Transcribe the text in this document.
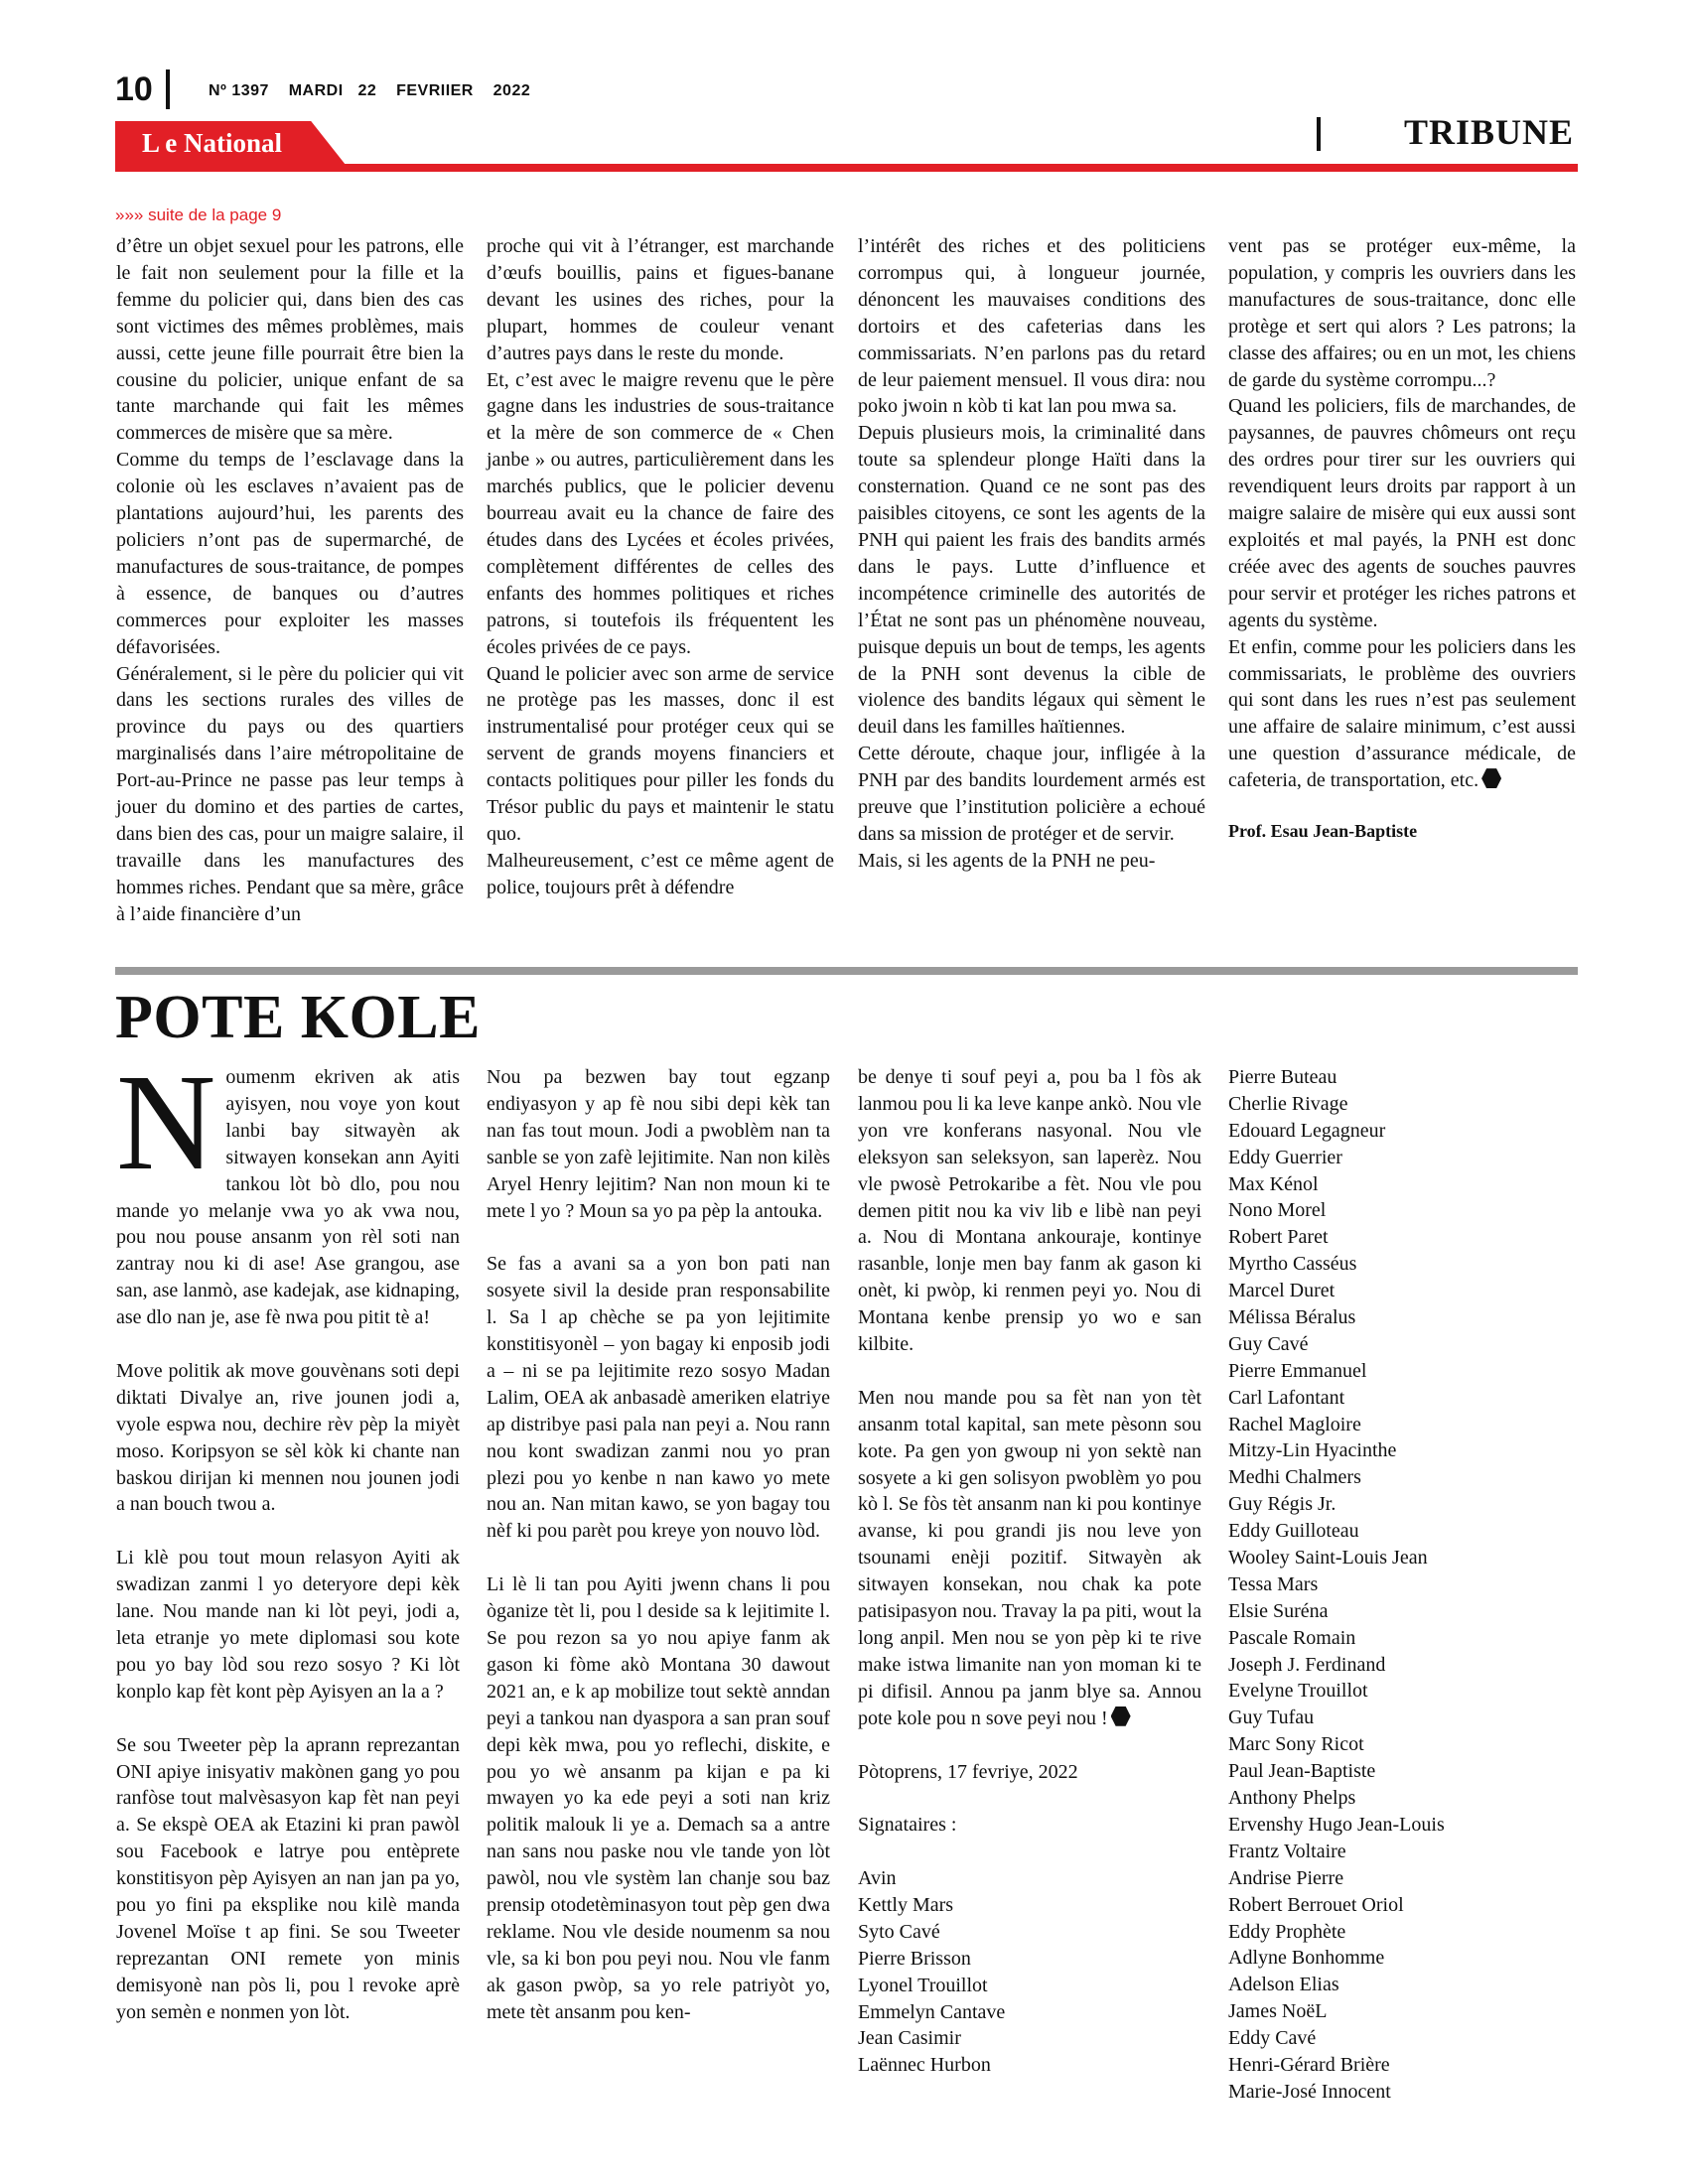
10	Nº 1397    MARDI   22    FEVRIIER    2022
L e National	TRIBUNE
»»» suite de la page 9

d’être un objet sexuel pour les patrons, elle le fait non seulement pour la fille et la femme du policier qui, dans bien des cas sont victimes des mêmes problèmes, mais aussi, cette jeune fille pourrait être bien la cousine du policier, unique enfant de sa tante marchande qui fait les mêmes commerces de misère que sa mère.

Comme du temps de l’esclavage dans la colonie où les esclaves n’avaient pas de plantations aujourd’hui, les parents des policiers n’ont pas de supermarché, de manufactures de sous-traitance, de pompes à essence, de banques ou d’autres commerces pour exploiter les masses défavorisées.

Généralement, si le père du policier qui vit dans les sections rurales des villes de province du pays ou des quartiers marginalisés dans l’aire métropolitaine de Port-au-Prince ne passe pas leur temps à jouer du domino et des parties de cartes, dans bien des cas, pour un maigre salaire, il travaille dans les manufactures des hommes riches. Pendant que sa mère, grâce à l’aide financière d’un

proche qui vit à l’étranger, est marchande d’œufs bouillis, pains et figues-banane devant les usines des riches, pour la plupart, hommes de couleur venant d’autres pays dans le reste du monde.

Et, c’est avec le maigre revenu que le père gagne dans les industries de sous-traitance et la mère de son commerce de « Chen janbe » ou autres, particulièrement dans les marchés publics, que le policier devenu bourreau avait eu la chance de faire des études dans des Lycées et écoles privées, complètement différentes de celles des enfants des hommes politiques et riches patrons, si toutefois ils fréquentent les écoles privées de ce pays.

Quand le policier avec son arme de service ne protège pas les masses, donc il est instrumentalisé pour protéger ceux qui se servent de grands moyens financiers et contacts politiques pour piller les fonds du Trésor public du pays et maintenir le statu quo.

Malheureusement, c’est ce même agent de police, toujours prêt à défendre

l’intérêt des riches et des politiciens corrompus qui, à longueur journée, dénoncent les mauvaises conditions des dortoirs et des cafeterias dans les commissariats. N’en parlons pas du retard de leur paiement mensuel. Il vous dira: nou poko jwoin n kòb ti kat lan pou mwa sa.

Depuis plusieurs mois, la criminalité dans toute sa splendeur plonge Haïti dans la consternation. Quand ce ne sont pas des paisibles citoyens, ce sont les agents de la PNH qui paient les frais des bandits armés dans le pays. Lutte d’influence et incompétence criminelle des autorités de l’État ne sont pas un phénomène nouveau, puisque depuis un bout de temps, les agents de la PNH sont devenus la cible de violence des bandits légaux qui sèment le deuil dans les familles haïtiennes.

Cette déroute, chaque jour, infligée à la PNH par des bandits lourdement armés est preuve que l’institution policière a echoué dans sa mission de protéger et de servir.

Mais, si les agents de la PNH ne peu-

vent pas se protéger eux-même, la population, y compris les ouvriers dans les manufactures de sous-traitance, donc elle protège et sert qui alors ? Les patrons; la classe des affaires; ou en un mot, les chiens de garde du système corrompu...?

Quand les policiers, fils de marchandes, de paysannes, de pauvres chômeurs ont reçu des ordres pour tirer sur les ouvriers qui revendiquent leurs droits par rapport à un maigre salaire de misère qui eux aussi sont exploités et mal payés, la PNH est donc créée avec des agents de souches pauvres pour servir et protéger les riches patrons et agents du système.

Et enfin, comme pour les policiers dans les commissariats, le problème des ouvriers qui sont dans les rues n’est pas seulement une affaire de salaire minimum, c’est aussi une question d’assurance médicale, de cafeteria, de transportation, etc.

Prof. Esau Jean-Baptiste

POTE KOLE

Noumenm ekriven ak atis ayisyen, nou voye yon kout lanbi bay sitwayèn ak sitwayen konsekan ann Ayiti tankou lòt bò dlo, pou nou mande yo melanje vwa yo ak vwa nou, pou nou pouse ansanm yon rèl soti nan zantray nou ki di ase! Ase grangou, ase san, ase lanmò, ase kadejak, ase kidnaping, ase dlo nan je, ase fè nwa pou pitit tè a!

Move politik ak move gouvènans soti depi diktati Divalye an, rive jounen jodi a, vyole espwa nou, dechire rèv pèp la miyèt moso. Koripsyon se sèl kòk ki chante nan baskou dirijan ki mennen nou jounen jodi a nan bouch twou a.

Li klè pou tout moun relasyon Ayiti ak swadizan zanmi l yo deteryore depi kèk lane. Nou mande nan ki lòt peyi, jodi a, leta etranje yo mete diplomasi sou kote pou yo bay lòd sou rezo sosyo ? Ki lòt konplo kap fèt kont pèp Ayisyen an la a ?

Se sou Tweeter pèp la aprann reprezantan ONI apiye inisyativ makònen gang yo pou ranfòse tout malvèsasyon kap fèt nan peyi a. Se ekspè OEA ak Etazini ki pran pawòl sou Facebook e latrye pou entèprete konstitisyon pèp Ayisyen an nan jan pa yo, pou yo fini pa eksplike nou kilè manda Jovenel Moïse t ap fini. Se sou Tweeter reprezantan ONI remete yon minis demisyonè nan pòs li, pou l revoke aprè yon semèn e nonmen yon lòt.

Nou pa bezwen bay tout egzanp endiyasyon y ap fè nou sibi depi kèk tan nan fas tout moun. Jodi a pwoblèm nan ta sanble se yon zafè lejitimite. Nan non kilès Aryel Henry lejitim? Nan non moun ki te mete l yo ? Moun sa yo pa pèp la antouka.

Se fas a avani sa a yon bon pati nan sosyete sivil la deside pran responsabilite l. Sa l ap chèche se pa yon lejitimite konstitisyonèl – yon bagay ki enposib jodi a – ni se pa lejitimite rezo sosyo Madan Lalim, OEA ak anbasadè ameriken elatriye ap distribye pasi pala nan peyi a. Nou rann nou kont swadizan zanmi nou yo pran plezi pou yo kenbe n nan kawo yo mete nou an. Nan mitan kawo, se yon bagay tou nèf ki pou parèt pou kreye yon nouvo lòd.

Li lè li tan pou Ayiti jwenn chans li pou òganize tèt li, pou l deside sa k lejitimite l. Se pou rezon sa yo nou apiye fanm ak gason ki fòme akò Montana 30 dawout 2021 an, e k ap mobilize tout sektè anndan peyi a tankou nan dyaspora a san pran souf depi kèk mwa, pou yo reflechi, diskite, e pou yo wè ansanm pa kijan e pa ki mwayen yo ka ede peyi a soti nan kriz politik malouk li ye a. Demach sa a antre nan sans nou paske nou vle tande yon lòt pawòl, nou vle systèm lan chanje sou baz prensip otodetèminasyon tout pèp gen dwa reklame. Nou vle deside noumenm sa nou vle, sa ki bon pou peyi nou. Nou vle fanm ak gason pwòp, sa yo rele patriyòt yo, mete tèt ansanm pou ken-

be denye ti souf peyi a, pou ba l fòs ak lanmou pou li ka leve kanpe ankò. Nou vle yon vre konferans nasyonal. Nou vle eleksyon san seleksyon, san laperèz. Nou vle pwosè Petrokaribe a fèt. Nou vle pou demen pitit nou ka viv lib e libè nan peyi a. Nou di Montana ankouraje, kontinye rasanble, lonje men bay fanm ak gason ki onèt, ki pwòp, ki renmen peyi yo. Nou di Montana kenbe prensip yo wo e san kilbite.

Men nou mande pou sa fèt nan yon tèt ansanm total kapital, san mete pèsonn sou kote. Pa gen yon gwoup ni yon sektè nan sosyete a ki gen solisyon pwoblèm yo pou kò l. Se fòs tèt ansanm nan ki pou kontinye avanse, ki pou grandi jis nou leve yon tsounami enèji pozitif. Sitwayèn ak sitwayen konsekan, nou chak ka pote patisipasyon nou. Travay la pa piti, wout la long anpil. Men nou se yon pèp ki te rive make istwa limanite nan yon moman ki te pi difisil. Annou pa janm blye sa. Annou pote kole pou n sove peyi nou !

Pòtoprens, 17 fevriye, 2022

Signataires :

Avin
Kettly Mars
Syto Cavé
Pierre Brisson
Lyonel Trouillot
Emmelyn Cantave
Jean Casimir
Laënnec Hurbon
Pierre Buteau
Cherlie Rivage
Edouard Legagneur
Eddy Guerrier
Max Kénol
Nono Morel
Robert Paret
Myrtho Casséus
Marcel Duret
Mélissa Béralus
Guy Cavé
Pierre Emmanuel
Carl Lafontant
Rachel Magloire
Mitzy-Lin Hyacinthe
Medhi Chalmers
Guy Régis Jr.
Eddy Guilloteau
Wooley Saint-Louis Jean
Tessa Mars
Elsie Suréna
Pascale Romain
Joseph J. Ferdinand
Evelyne Trouillot
Guy Tufau
Marc Sony Ricot
Paul Jean-Baptiste
Anthony Phelps
Ervenshy Hugo Jean-Louis
Frantz Voltaire
Andrise Pierre
Robert Berrouet Oriol
Eddy Prophète
Adlyne Bonhomme
Adelson Elias
James NoëL
Eddy Cavé
Henri-Gérard Brière
Marie-José Innocent
